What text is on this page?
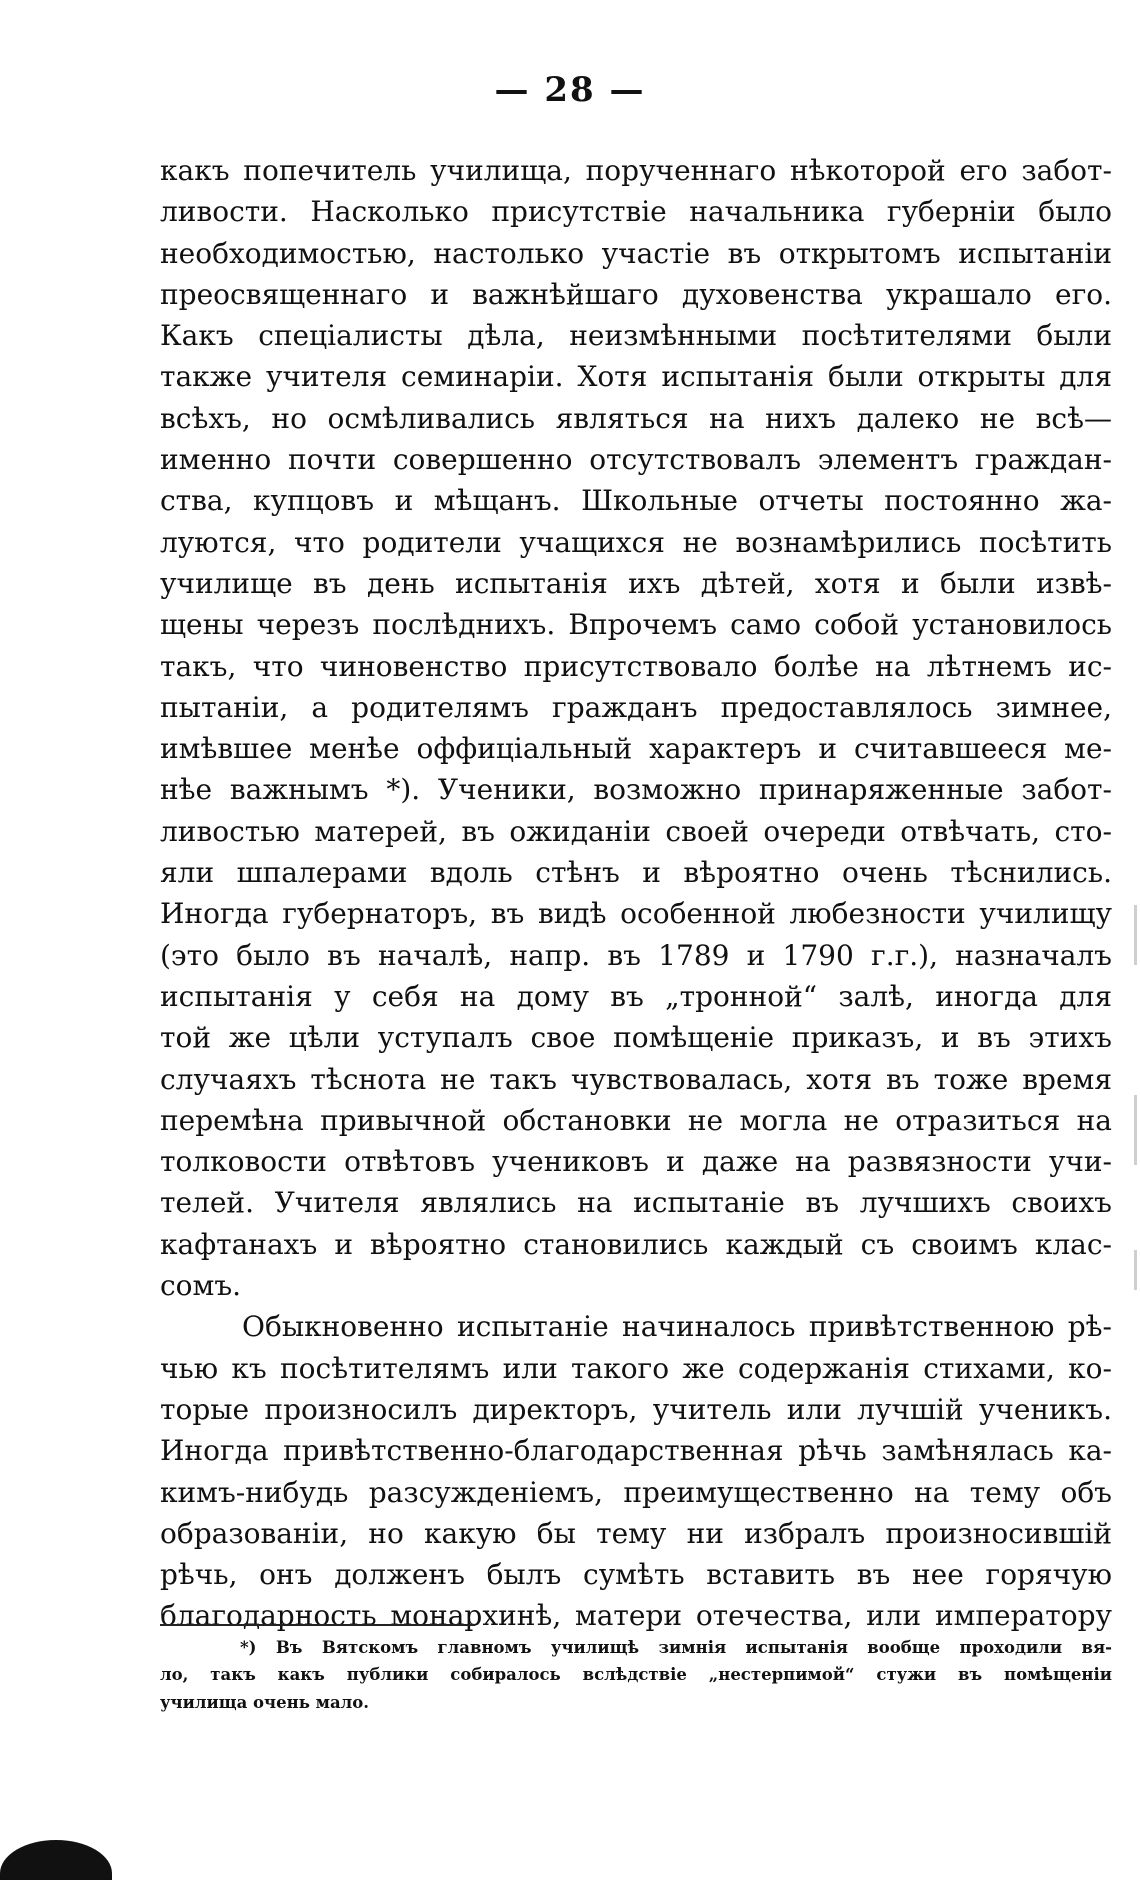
— 28 —
какъ попечитель училища, порученнаго нѣкоторой его забот-
ливости. Насколько присутствіе начальника губерніи было
необходимостью, настолько участіе въ открытомъ испытаніи
преосвященнаго и важнѣйшаго духовенства украшало его.
Какъ спеціалисты дѣла, неизмѣнными посѣтителями были
также учителя семинаріи. Хотя испытанія были открыты для
всѣхъ, но осмѣливались являться на нихъ далеко не всѣ—
именно почти совершенно отсутствовалъ элементъ граждан-
ства, купцовъ и мѣщанъ. Школьные отчеты постоянно жа-
луются, что родители учащихся не вознамѣрились посѣтить
училище въ день испытанія ихъ дѣтей, хотя и были извѣ-
щены черезъ послѣднихъ. Впрочемъ само собой установилось
такъ, что чиновенство присутствовало болѣе на лѣтнемъ ис-
пытаніи, а родителямъ гражданъ предоставлялось зимнее,
имѣвшее менѣе оффиціальный характеръ и считавшееся ме-
нѣе важнымъ *). Ученики, возможно принаряженные забот-
ливостью матерей, въ ожиданіи своей очереди отвѣчать, сто-
яли шпалерами вдоль стѣнъ и вѣроятно очень тѣснились.
Иногда губернаторъ, въ видѣ особенной любезности училищу
(это было въ началѣ, напр. въ 1789 и 1790 г.г.), назначалъ
испытанія у себя на дому въ „тронной“ залѣ, иногда для
той же цѣли уступалъ свое помѣщеніе приказъ, и въ этихъ
случаяхъ тѣснота не такъ чувствовалась, хотя въ тоже время
перемѣна привычной обстановки не могла не отразиться на
толковости отвѣтовъ учениковъ и даже на развязности учи-
телей. Учителя являлись на испытаніе въ лучшихъ своихъ
кафтанахъ и вѣроятно становились каждый съ своимъ клас-
сомъ.
Обыкновенно испытаніе начиналось привѣтственною рѣ-
чью къ посѣтителямъ или такого же содержанія стихами, ко-
торые произносилъ директоръ, учитель или лучшій ученикъ.
Иногда привѣтственно-благодарственная рѣчь замѣнялась ка-
кимъ-нибудь разсужденіемъ, преимущественно на тему объ
образованіи, но какую бы тему ни избралъ произносившій
рѣчь, онъ долженъ былъ сумѣть вставить въ нее горячую
благодарность монархинѣ, матери отечества, или императору
*) Въ Вятскомъ главномъ училищѣ зимнія испытанія вообще проходили вя-
ло, такъ какъ публики собиралось вслѣдствіе „нестерпимой“ стужи въ помѣщеніи
училища очень мало.
